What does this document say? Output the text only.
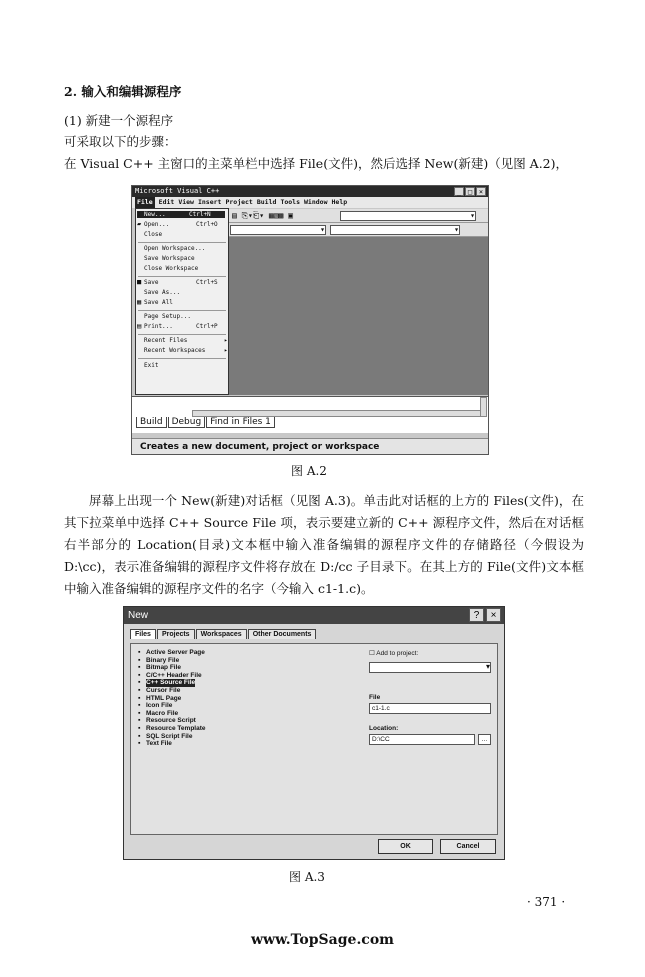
2. 输入和编辑源程序
(1) 新建一个源程序
可采取以下的步骤：
在 Visual C++ 主窗口的主菜单栏中选择 File(文件)，然后选择 New(新建)（见图 A.2)，
Microsoft Visual C++	_ □ ×
File Edit View Insert Project Build Tools Window Help
▤ ⎘▾⎗▾ ▦▧▩ ▣
▾
▾
▾
New...	Ctrl+N
▯
▰ Open...	Ctrl+O
Close
Open Workspace...
Save Workspace
Close Workspace
■ Save	Ctrl+S
Save As...
▦ Save All
Page Setup...
▤ Print...	Ctrl+P
Recent Files	▸
Recent Workspaces	▸
Exit
Build Debug Find in Files 1
Creates a new document, project or workspace
图 A.2
屏幕上出现一个 New(新建)对话框（见图 A.3)。单击此对话框的上方的 Files(文件)，在其下拉菜单中选择 C++ Source File 项，表示要建立新的 C++ 源程序文件，然后在对话框右半部分的 Location(目录)文本框中输入准备编辑的源程序文件的存储路径（今假设为 D:\cc)，表示准备编辑的源程序文件将存放在 D:/cc 子目录下。在其上方的 File(文件)文本框中输入准备编辑的源程序文件的名字（今输入 c1-1.c)。
New	?	×
Files	Projects	Workspaces	Other Documents
▪ Active Server Page
▪ Binary File
▪ Bitmap File
▪ C/C++ Header File
▪ C++ Source File
▪ Cursor File
▪ HTML Page
▪ Icon File
▪ Macro File
▪ Resource Script
▪ Resource Template
▪ SQL Script File
▪ Text File
☐ Add to project:
▾
File
c1-1.c
Location:
D:\CC	...
OK	Cancel
图 A.3
· 371 ·
www.TopSage.com
